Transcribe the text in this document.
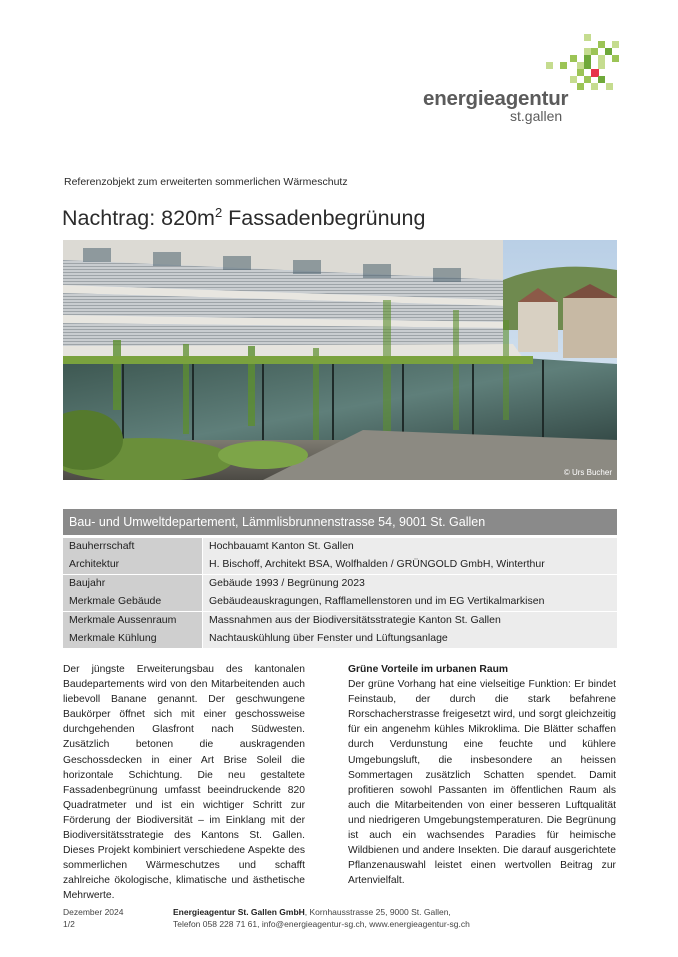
energieagentur
st.gallen
Referenzobjekt zum erweiterten sommerlichen Wärmeschutz
Nachtrag: $820m^2$ Fassadenbegrünung
© Urs Bucher
Bau- und Umweltdepartement, Lämmlisbrunnenstrasse 54, 9001 St. Gallen
Bauherrschaft	Hochbauamt Kanton St. Gallen
Architektur	H. Bischoff, Architekt BSA, Wolfhalden / GRÜNGOLD GmbH, Winterthur
Baujahr	Gebäude 1993 / Begrünung 2023
Merkmale Gebäude	Gebäudeauskragungen, Rafflamellenstoren und im EG Vertikalmarkisen
Merkmale Aussenraum	Massnahmen aus der Biodiversitätsstrategie Kanton St. Gallen
Merkmale Kühlung	Nachtauskühlung über Fenster und Lüftungsanlage
Der jüngste Erweiterungsbau des kantonalen Baudepartements wird von den Mitarbeitenden auch liebevoll Banane genannt. Der geschwungene Baukörper öffnet sich mit einer geschossweise durchgehenden Glasfront nach Südwesten. Zusätzlich betonen die auskragenden Geschossdecken in einer Art Brise Soleil die horizontale Schichtung. Die neu gestaltete Fassadenbegrünung umfasst beeindruckende 820 Quadratmeter und ist ein wichtiger Schritt zur Förderung der Biodiversität – im Einklang mit der Biodiversitätsstrategie des Kantons St. Gallen. Dieses Projekt kombiniert verschiedene Aspekte des sommerlichen Wärmeschutzes und schafft zahlreiche ökologische, klimatische und ästhetische Mehrwerte.
Grüne Vorteile im urbanen Raum
Der grüne Vorhang hat eine vielseitige Funktion: Er bindet Feinstaub, der durch die stark befahrene Rorschacherstrasse freigesetzt wird, und sorgt gleichzeitig für ein angenehm kühles Mikroklima. Die Blätter schaffen durch Verdunstung eine feuchte und kühlere Umgebungsluft, die insbesondere an heissen Sommertagen zusätzlich Schatten spendet. Damit profitieren sowohl Passanten im öffentlichen Raum als auch die Mitarbeitenden von einer besseren Luftqualität und niedrigeren Umgebungstemperaturen. Die Begrünung ist auch ein wachsendes Paradies für heimische Wildbienen und andere Insekten. Die darauf ausgerichtete Pflanzenauswahl leistet einen wertvollen Beitrag zur Artenvielfalt.
Dezember 2024
1/2
Energieagentur St. Gallen GmbH, Kornhausstrasse 25, 9000 St. Gallen,
Telefon 058 228 71 61, info@energieagentur-sg.ch, www.energieagentur-sg.ch
